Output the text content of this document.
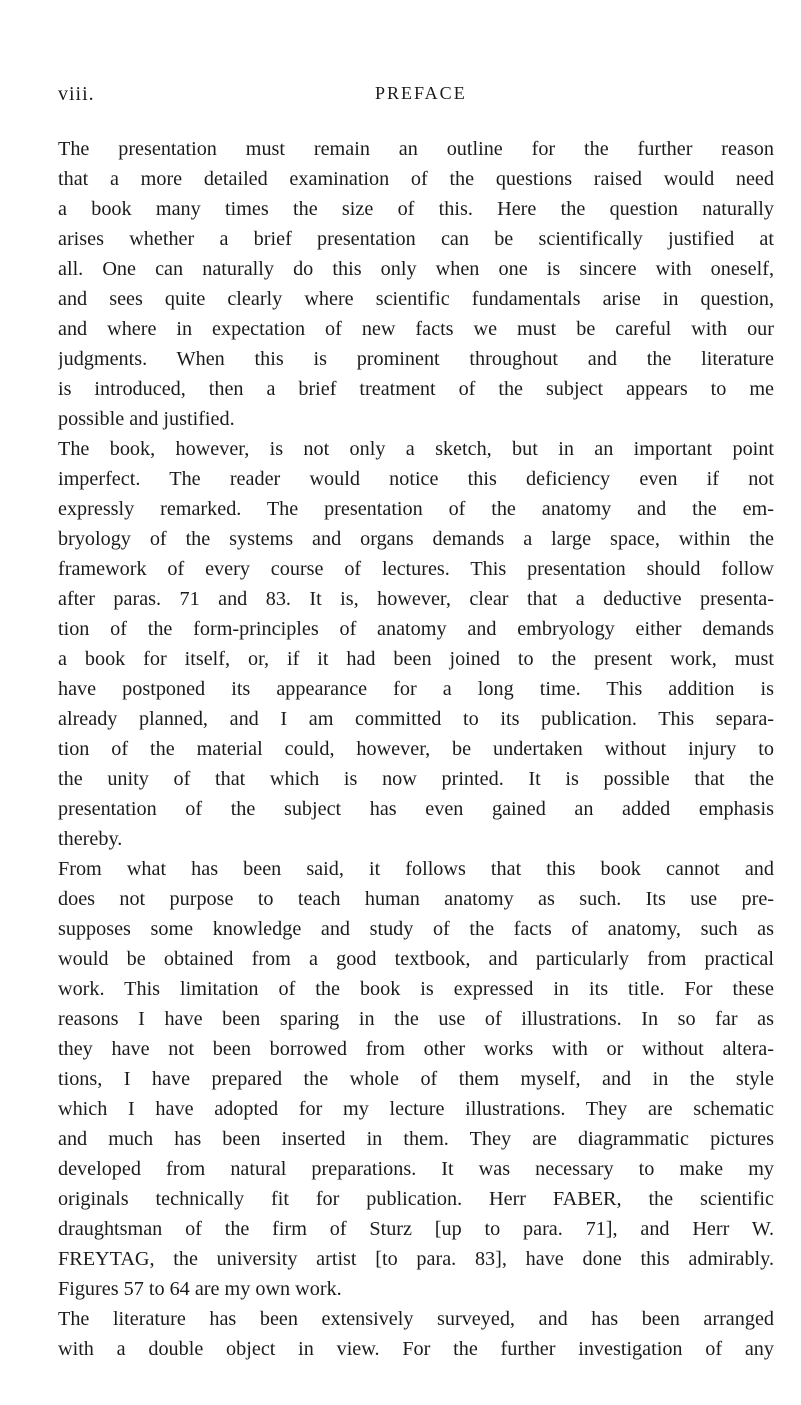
viii.	PREFACE
The presentation must remain an outline for the further reason
that a more detailed examination of the questions raised would need
a book many times the size of this. Here the question naturally
arises whether a brief presentation can be scientifically justified at
all. One can naturally do this only when one is sincere with oneself,
and sees quite clearly where scientific fundamentals arise in question,
and where in expectation of new facts we must be careful with our
judgments. When this is prominent throughout and the literature
is introduced, then a brief treatment of the subject appears to me
possible and justified.
The book, however, is not only a sketch, but in an important point
imperfect. The reader would notice this deficiency even if not
expressly remarked. The presentation of the anatomy and the em-
bryology of the systems and organs demands a large space, within the
framework of every course of lectures. This presentation should follow
after paras. 71 and 83. It is, however, clear that a deductive presenta-
tion of the form-principles of anatomy and embryology either demands
a book for itself, or, if it had been joined to the present work, must
have postponed its appearance for a long time. This addition is
already planned, and I am committed to its publication. This separa-
tion of the material could, however, be undertaken without injury to
the unity of that which is now printed. It is possible that the
presentation of the subject has even gained an added emphasis
thereby.
From what has been said, it follows that this book cannot and
does not purpose to teach human anatomy as such. Its use pre-
supposes some knowledge and study of the facts of anatomy, such as
would be obtained from a good textbook, and particularly from practical
work. This limitation of the book is expressed in its title. For these
reasons I have been sparing in the use of illustrations. In so far as
they have not been borrowed from other works with or without altera-
tions, I have prepared the whole of them myself, and in the style
which I have adopted for my lecture illustrations. They are schematic
and much has been inserted in them. They are diagrammatic pictures
developed from natural preparations. It was necessary to make my
originals technically fit for publication. Herr FABER, the scientific
draughtsman of the firm of Sturz [up to para. 71], and Herr W.
FREYTAG, the university artist [to para. 83], have done this admirably.
Figures 57 to 64 are my own work.
The literature has been extensively surveyed, and has been arranged
with a double object in view. For the further investigation of any
